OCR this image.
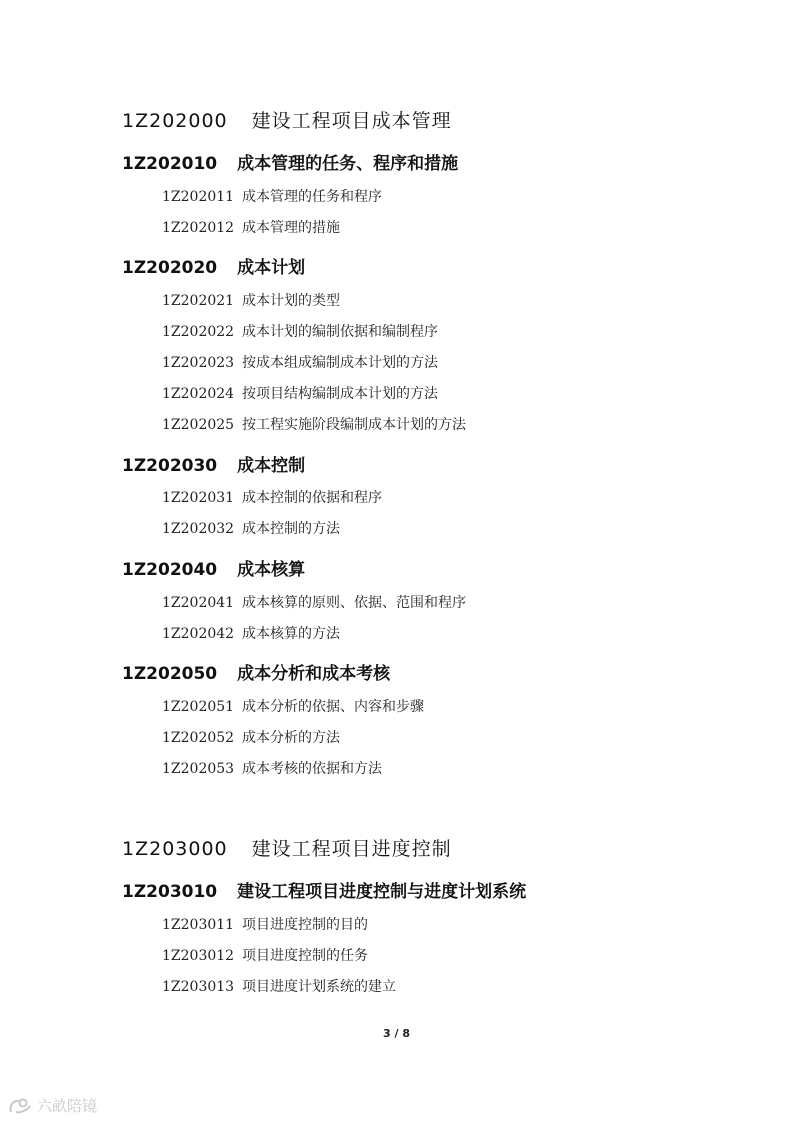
1Z202000 建设工程项目成本管理
1Z202010 成本管理的任务、程序和措施
1Z202011 成本管理的任务和程序
1Z202012 成本管理的措施
1Z202020 成本计划
1Z202021 成本计划的类型
1Z202022 成本计划的编制依据和编制程序
1Z202023 按成本组成编制成本计划的方法
1Z202024 按项目结构编制成本计划的方法
1Z202025 按工程实施阶段编制成本计划的方法
1Z202030 成本控制
1Z202031 成本控制的依据和程序
1Z202032 成本控制的方法
1Z202040 成本核算
1Z202041 成本核算的原则、依据、范围和程序
1Z202042 成本核算的方法
1Z202050 成本分析和成本考核
1Z202051 成本分析的依据、内容和步骤
1Z202052 成本分析的方法
1Z202053 成本考核的依据和方法
1Z203000 建设工程项目进度控制
1Z203010 建设工程项目进度控制与进度计划系统
1Z203011 项目进度控制的目的
1Z203012 项目进度控制的任务
1Z203013 项目进度计划系统的建立
3 / 8
六畝陪镜
